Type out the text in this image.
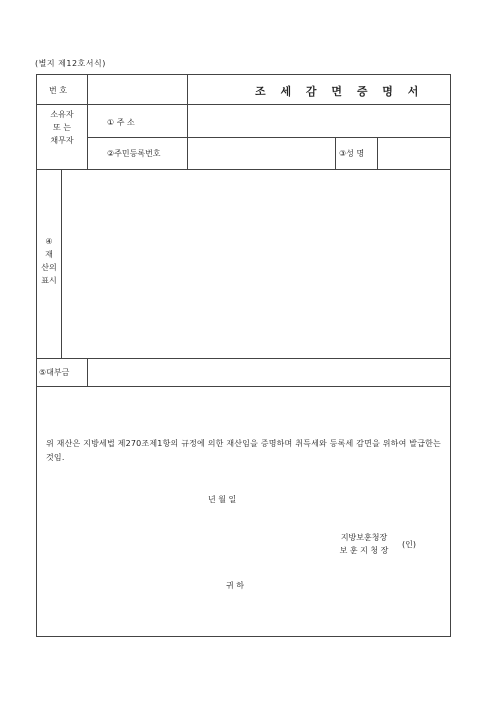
(별지 제12호서식)
번 호	조 세 감 면 증 명 서
소유자
또 는
채무자
① 주 소
②주민등록번호	③성 명
④
재
산의
표시
⑤대부금
위 재산은 지방세법 제270조제1항의 규정에 의한 재산임을 증명하며 취득세와 등록세 감면을 위하여 발급한는 것임.
년 월 일
지방보훈청장
보 훈 지 청 장
(인)
귀 하
